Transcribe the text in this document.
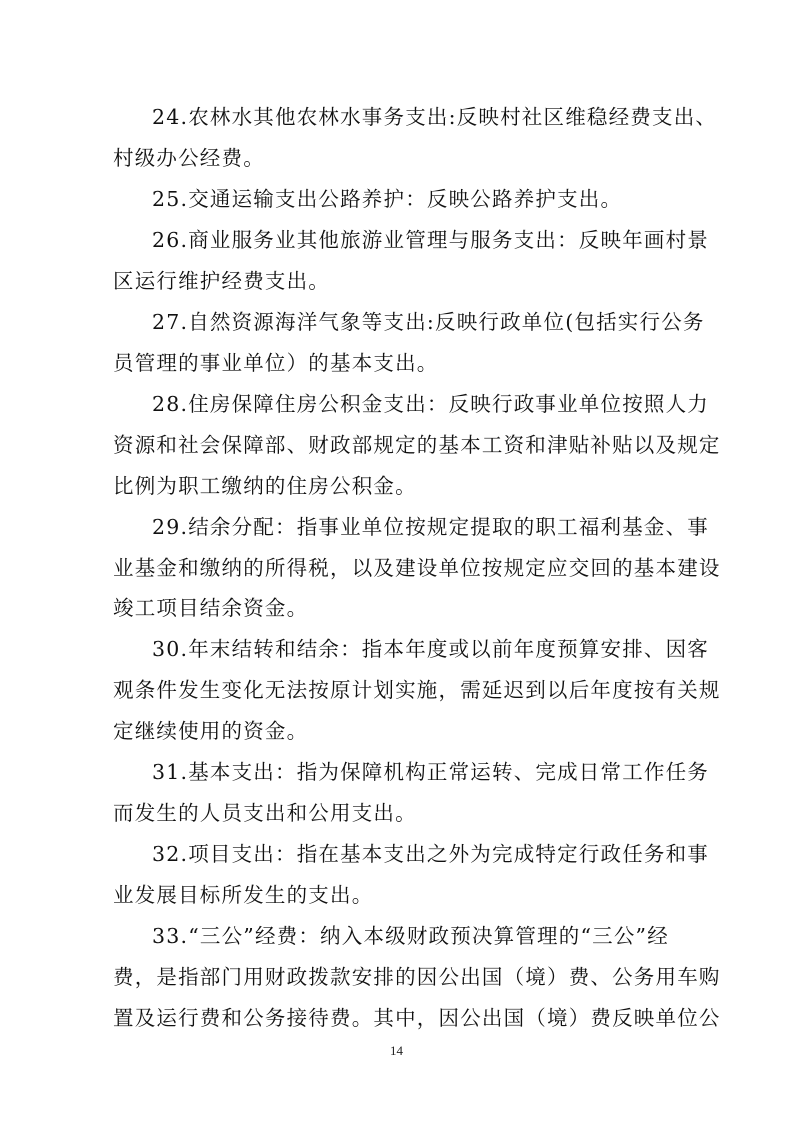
24.农林水其他农林水事务支出:反映村社区维稳经费支出、
村级办公经费。
25.交通运输支出公路养护：反映公路养护支出。
26.商业服务业其他旅游业管理与服务支出：反映年画村景
区运行维护经费支出。
27.自然资源海洋气象等支出:反映行政单位(包括实行公务
员管理的事业单位）的基本支出。
28.住房保障住房公积金支出：反映行政事业单位按照人力
资源和社会保障部、财政部规定的基本工资和津贴补贴以及规定
比例为职工缴纳的住房公积金。
29.结余分配：指事业单位按规定提取的职工福利基金、事
业基金和缴纳的所得税，以及建设单位按规定应交回的基本建设
竣工项目结余资金。
30.年末结转和结余：指本年度或以前年度预算安排、因客
观条件发生变化无法按原计划实施，需延迟到以后年度按有关规
定继续使用的资金。
31.基本支出：指为保障机构正常运转、完成日常工作任务
而发生的人员支出和公用支出。
32.项目支出：指在基本支出之外为完成特定行政任务和事
业发展目标所发生的支出。
33.“三公”经费：纳入本级财政预决算管理的“三公”经
费，是指部门用财政拨款安排的因公出国（境）费、公务用车购
置及运行费和公务接待费。其中，因公出国（境）费反映单位公
14
